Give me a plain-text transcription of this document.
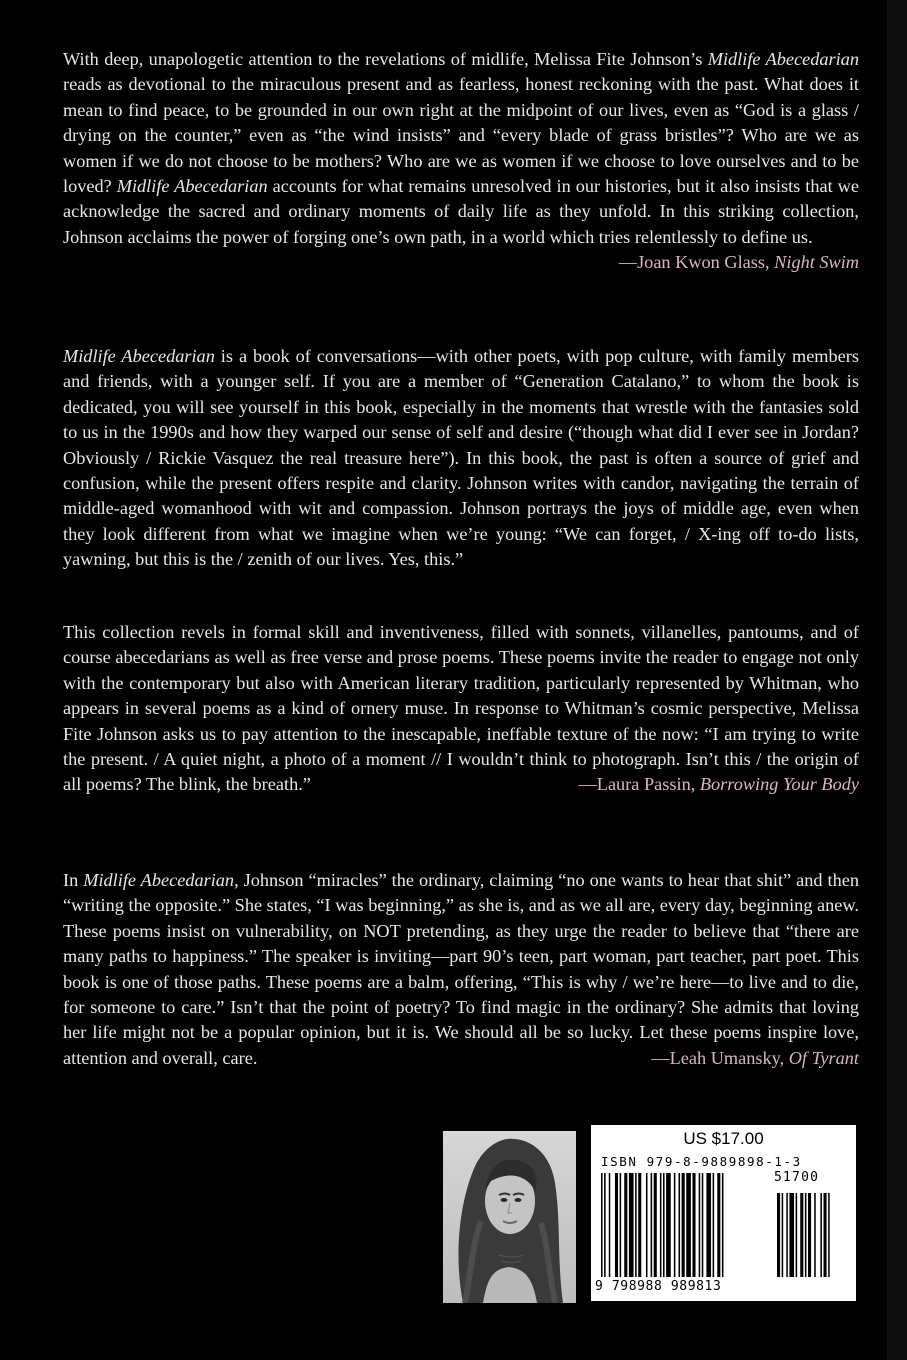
With deep, unapologetic attention to the revelations of midlife, Melissa Fite Johnson’s Midlife Abecedarian reads as devotional to the miraculous present and as fearless, honest reckoning with the past. What does it mean to find peace, to be grounded in our own right at the midpoint of our lives, even as “God is a glass / drying on the counter,” even as “the wind insists” and “every blade of grass bristles”? Who are we as women if we do not choose to be mothers? Who are we as women if we choose to love ourselves and to be loved? Midlife Abecedarian accounts for what remains unresolved in our histories, but it also insists that we acknowledge the sacred and ordinary moments of daily life as they unfold. In this striking collection, Johnson acclaims the power of forging one’s own path, in a world which tries relentlessly to define us.
—Joan Kwon Glass, Night Swim

Midlife Abecedarian is a book of conversations—with other poets, with pop culture, with family members and friends, with a younger self. If you are a member of “Generation Catalano,” to whom the book is dedicated, you will see yourself in this book, especially in the moments that wrestle with the fantasies sold to us in the 1990s and how they warped our sense of self and desire (“though what did I ever see in Jordan? Obviously / Rickie Vasquez the real treasure here”). In this book, the past is often a source of grief and confusion, while the present offers respite and clarity. Johnson writes with candor, navigating the terrain of middle-aged womanhood with wit and compassion. Johnson portrays the joys of middle age, even when they look different from what we imagine when we’re young: “We can forget, / X-ing off to-do lists, yawning, but this is the / zenith of our lives. Yes, this.”

This collection revels in formal skill and inventiveness, filled with sonnets, villanelles, pantoums, and of course abecedarians as well as free verse and prose poems. These poems invite the reader to engage not only with the contemporary but also with American literary tradition, particularly represented by Whitman, who appears in several poems as a kind of ornery muse. In response to Whitman’s cosmic perspective, Melissa Fite Johnson asks us to pay attention to the inescapable, ineffable texture of the now: “I am trying to write the present. / A quiet night, a photo of a moment // I wouldn’t think to photograph. Isn’t this / the origin of all poems? The blink, the breath.”	—Laura Passin, Borrowing Your Body

In Midlife Abecedarian, Johnson “miracles” the ordinary, claiming “no one wants to hear that shit” and then “writing the opposite.” She states, “I was beginning,” as she is, and as we all are, every day, beginning anew. These poems insist on vulnerability, on NOT pretending, as they urge the reader to believe that “there are many paths to happiness.” The speaker is inviting—part 90’s teen, part woman, part teacher, part poet. This book is one of those paths. These poems are a balm, offering, “This is why / we’re here—to live and to die, for someone to care.” Isn’t that the point of poetry? To find magic in the ordinary? She admits that loving her life might not be a popular opinion, but it is. We should all be so lucky. Let these poems inspire love, attention and overall, care.	—Leah Umansky, Of Tyrant

US $17.00
ISBN 979-8-9889898-1-3
51700
9 798988 989813
